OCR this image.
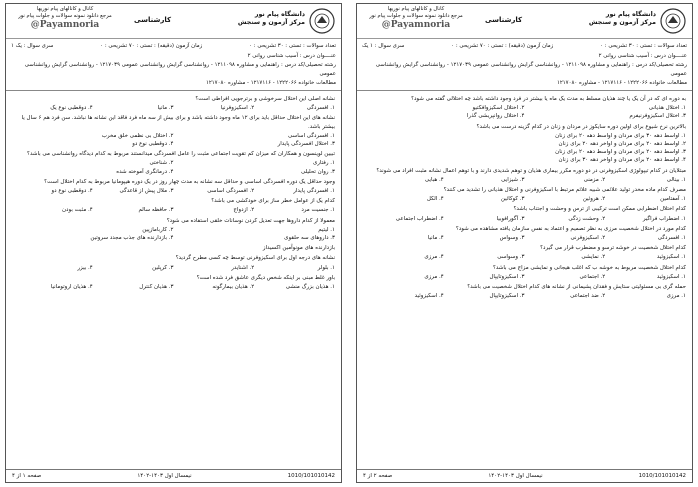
دانشگاه پیام نور
مرکز آزمون و سنجش
کارشناسی
کانال و کانالهای پیام نوریها
مرجع دانلود نمونه سوالات و جلوات پیام نور
@Payamnoria
تعداد سوالات : تستی : ۳۰ تشریحی : ۰
زمان آزمون (دقیقه) : تستی : ۷۰ تشریحی : ۰
سری سوال : یک ۱
عنــــوان درس : آسیب شناسی روانی ۲
رشته تحصیلی/کد درس : راهنمایی و مشاوره ۱۲۱۱۰۹۸ - روانشناسی گرایش روانشناسی عمومی ۱۲۱۷۰۳۹ - روانشناسی گرایش روانشناسی عمومی
مطالعات خانواده ۱۲۲۲۰۶۶ - ۱۲۱۷۱۱۶ - مشاوره ۱۲۱۷۰۸۰
نشانه اصلی این اختلال سرخوشی و برترجویی افراطی است؟
۱. افسردگی
۲. اسکیزوفرنیا
۳. مانیا
۴. دوقطبی نوع یک
نشانه های این اختلال حداقل باید برای ۱۲ ماه وجود داشته باشد و برای بیش از سه ماه فرد فاقد این نشانه ها نباشد. سن فرد هم ۶ سال یا بیشتر باشد.
۱. افسردگی اساسی
۲. اختلال بی نظمی خلق مخرب
۳. اختلال افسردگی پایدار
۴. دوقطبی نوع دو
تبیین لوینسون و همکاران که میزان کم تقویت اجتماعی مثبت را عامل افسردگی میدانستند مربوط به کدام دیدگاه روانشناسی می باشد؟
۱. رفتاری
۲. شناختی
۳. روان تحلیلی
۴. درمانگری آموخته شده
وجود حداقل یک دوره افسردگی اساسی و حداقل سه نشانه به مدت چهار روز در یک دوره هیپومانیا مربوط به کدام اختلال است؟
۱. افسردگی پایدار
۲. افسردگی اساسی
۳. ملال پیش از قاعدگی
۴. دوقطبی نوع دو
کدام یک از عوامل خطر ساز برای خودکشی می باشد؟
۱. جنسیت مرد
۲. ازدواج
۳. حافظه سالم
۴. مثبت بودن
معمولا از کدام داروها جهت تعدیل کردن نوسانات خلقی استفاده می شود؟
۱. لیتیم
۲. کاربامازپین
۳. داروهای سه حلقوی
۴. بازدارنده های جذب مجدد سروتین
بازدارنده های مونوآمین اکسیداز
نشانه های درجه اول برای اسکیزوفرنی توسط چه کسی مطرح گردید؟
۱. بلولر
۲. اشنایدر
۳. کرپلین
۴. بیزر
باور غلط مبنی بر اینکه شخص دیگری عاشق فرد شده است؟
۱. هذیان بزرگ منشی
۲. هذیان بیمارگونه
۳. هذیان کنترل
۴. هذیان اروتومانیا
1010/101010142
نیمسال اول ۱۴۰۳-۱۴۰۲
صفحه ۱ از ۴
دانشگاه پیام نور
مرکز آزمون و سنجش
کارشناسی
کانال و کانالهای پیام نوریها
مرجع دانلود نمونه سوالات و جلوات پیام نور
@Payamnoria
تعداد سوالات : تستی : ۳۰ تشریحی : ۰
زمان آزمون (دقیقه) : تستی : ۷۰ تشریحی : ۰
سری سوال : ۱ یک
عنــــوان درس : آسیب شناسی روانی ۲
رشته تحصیلی/کد درس : راهنمایی و مشاوره ۱۲۱۱۰۹۸ - روانشناسی گرایش روانشناسی عمومی ۱۲۱۷۰۳۹ - روانشناسی گرایش روانشناسی عمومی
مطالعات خانواده ۱۲۲۲۰۶۶ - ۱۲۱۷۱۱۶ - مشاوره ۱۲۱۷۰۸۰
به دوره ای که در آن یک یا چند هذیان مسلط به مدت یک ماه یا بیشتر در فرد وجود داشته باشد چه اختلالی گفته می شود؟
۱. اختلال هذیانی
۲. اختلال اسکیزوافکتیو
۳. اختلال اسکیزوفرنیفرم
۴. اختلال روانپریشی گذرا
بالاترین نرخ شیوع برای اولین دوره سایکوز در مردان و زنان در کدام گزینه درست می باشد؟
۱. اواسط دهه ۳۰ برای مردان و اواسط دهه ۲۰ برای زنان
۲. اواسط دهه ۲۰ برای مردان و اواخر دهه ۲۰ برای زنان
۳. اواسط دهه ۲۰ برای مردان و اواسط دهه ۲۰ برای زنان
۴. اواسط دهه ۲۰ برای مردان و اواخر دهه ۳۰ برای زنان
مبتلایان در کدام تیپولوژی اسکیزوفرنی در دو دوره مکرر بیماری هذیان و توهم شدیدی دارند و با توهم اعمال نشانه مثبت افراد می شوند؟
۱. بینالی
۲. مزمنی
۳. شیزایی
۴. هبایی
مصرف کدام ماده مخدر تولید علائمی شبیه علائم مرتبط با اسکیزوفرنی و اختلال هذیانی را تشدید می کنند؟
۱. آمفتامین
۲. هروئین
۳. کوکائین
۴. الکل
کدام اختلال اضطرابی ممکن است ترکیبی از ترس و وحشت و اجتناب باشد؟
۱. اضطراب فراگیر
۲. وحشت زدگی
۳. آگورافوبیا
۴. اضطراب اجتماعی
کدام مورد در اختلال شخصیت مرزی به نظر تصمیم و اعتماد به نفس سازمان یافته مشاهده می شود؟
۱. افسردگی
۲. اسکیزوفرنی
۳. وسواس
۴. مانیا
کدام اختلال شخصیت در خوشه ترسو و مضطرب قرار می گیرد؟
۱. اسکیزوئید
۲. نمایشی
۳. وسواسی
۴. مرزی
کدام اختلال شخصیت مربوط به خوشه ب که اغلب هیجانی و نمایشی مزاج می باشد؟
۱. اسکیزوئید
۲. اجتماعی
۳. اسکیزوتایپال
۴. مرزی
حمله گری بی مسئولیتی ستایش و فقدان پشیمانی از نشانه های کدام اختلال شخصیت می باشد؟
۱. مرزی
۲. ضد اجتماعی
۳. اسکیزوتایپال
۴. اسکیزوئید
1010/101010142
نیمسال اول ۱۴۰۳-۱۴۰۲
صفحه ۲ از ۴
